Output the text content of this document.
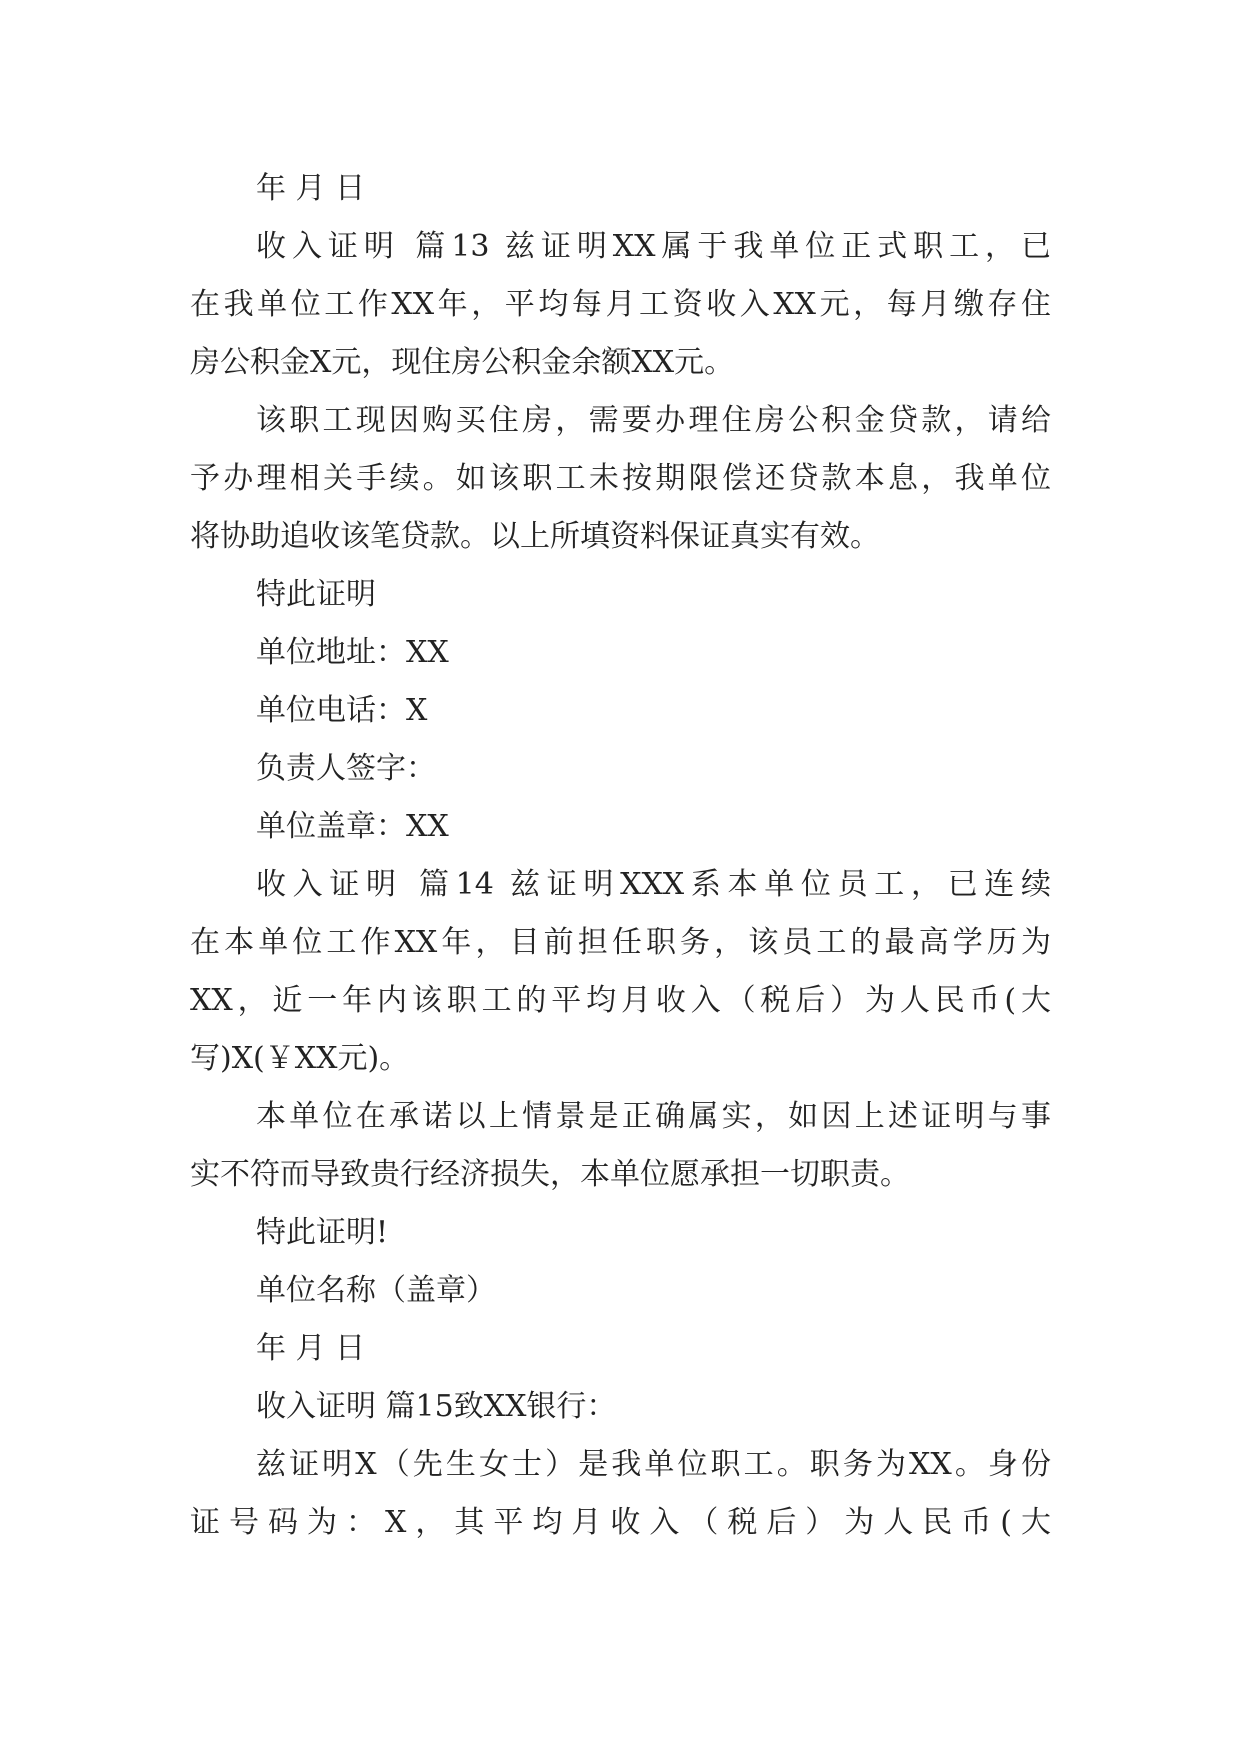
年 月 日
收入证明 篇13 兹证明XX属于我单位正式职工，已
在我单位工作XX年，平均每月工资收入XX元，每月缴存住
房公积金X元，现住房公积金余额XX元。
该职工现因购买住房，需要办理住房公积金贷款，请给
予办理相关手续。如该职工未按期限偿还贷款本息，我单位
将协助追收该笔贷款。以上所填资料保证真实有效。
特此证明
单位地址：XX
单位电话：X
负责人签字：
单位盖章：XX
收入证明 篇14 兹证明XXX系本单位员工，已连续
在本单位工作XX年，目前担任职务，该员工的最高学历为
XX，近一年内该职工的平均月收入（税后）为人民币(大
写)X(￥XX元)。
本单位在承诺以上情景是正确属实，如因上述证明与事
实不符而导致贵行经济损失，本单位愿承担一切职责。
特此证明!
单位名称（盖章）
年 月 日
收入证明 篇15致XX银行：
兹证明X（先生女士）是我单位职工。职务为XX。身份
证号码为：X，其平均月收入（税后）为人民币(大
